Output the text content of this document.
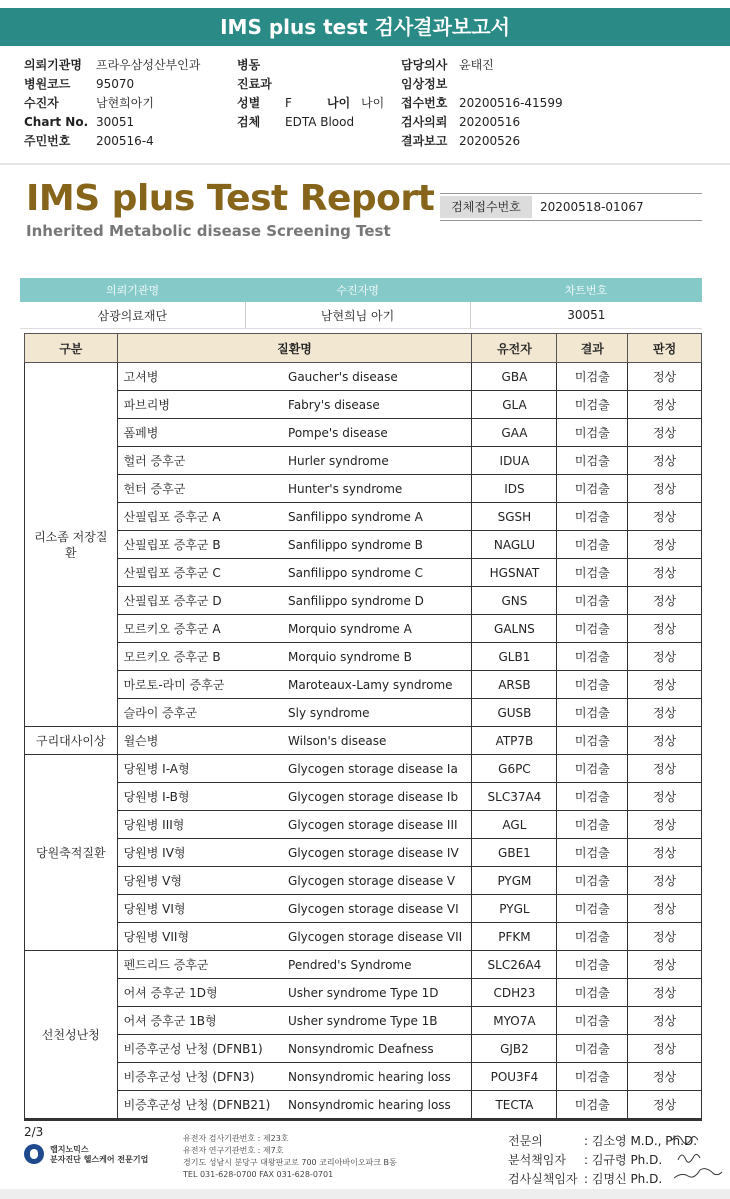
IMS plus test 검사결과보고서
의뢰기관명 프라우삼성산부인과
병원코드 95070
수진자	남현희아기
Chart No. 30051
주민번호 200516-4
병동
진료과
성별 F	나이 나이
검체 EDTA Blood
담당의사 윤태진
임상정보
접수번호 20200516-41599
검사의뢰 20200516
결과보고 20200526
IMS plus Test Report
Inherited Metabolic disease Screening Test
검체접수번호	20200518-01067
의뢰기관명	수진자명	차트번호
삼광의료재단	남현희님 아기	30051
구분	질환명		유전자	결과	판정
리소좀 저장질환	고셔병	Gaucher's disease	GBA	미검출	정상
	파브리병	Fabry's disease	GLA	미검출	정상
	폼페병	Pompe's disease	GAA	미검출	정상
	헐러 증후군	Hurler syndrome	IDUA	미검출	정상
	헌터 증후군	Hunter's syndrome	IDS	미검출	정상
	산필립포 증후군 A	Sanfilippo syndrome A	SGSH	미검출	정상
	산필립포 증후군 B	Sanfilippo syndrome B	NAGLU	미검출	정상
	산필립포 증후군 C	Sanfilippo syndrome C	HGSNAT	미검출	정상
	산필립포 증후군 D	Sanfilippo syndrome D	GNS	미검출	정상
	모르키오 증후군 A	Morquio syndrome A	GALNS	미검출	정상
	모르키오 증후군 B	Morquio syndrome B	GLB1	미검출	정상
	마로토-라미 증후군	Maroteaux-Lamy syndrome	ARSB	미검출	정상
	슬라이 증후군	Sly syndrome	GUSB	미검출	정상
구리대사이상	윌슨병	Wilson's disease	ATP7B	미검출	정상
당원축적질환	당원병 I-A형	Glycogen storage disease Ia	G6PC	미검출	정상
	당원병 I-B형	Glycogen storage disease Ib	SLC37A4	미검출	정상
	당원병 III형	Glycogen storage disease III	AGL	미검출	정상
	당원병 IV형	Glycogen storage disease IV	GBE1	미검출	정상
	당원병 V형	Glycogen storage disease V	PYGM	미검출	정상
	당원병 VI형	Glycogen storage disease VI	PYGL	미검출	정상
	당원병 VII형	Glycogen storage disease VII	PFKM	미검출	정상
선천성난청	펜드리드 증후군	Pendred's Syndrome	SLC26A4	미검출	정상
	어셔 증후군 1D형	Usher syndrome Type 1D	CDH23	미검출	정상
	어셔 증후군 1B형	Usher syndrome Type 1B	MYO7A	미검출	정상
	비증후군성 난청 (DFNB1)	Nonsyndromic Deafness	GJB2	미검출	정상
	비증후군성 난청 (DFN3)	Nonsyndromic hearing loss	POU3F4	미검출	정상
	비증후군성 난청 (DFNB21)	Nonsyndromic hearing loss	TECTA	미검출	정상
2/3
랩지노믹스
분자진단 헬스케어 전문기업
유전자 검사기관번호 : 제23호
유전자 연구기관번호 : 제7호
경기도 성남시 분당구 대왕판교로 700 코리아바이오파크 B동
TEL 031-628-0700 FAX 031-628-0701
전문의	: 김소영 M.D., Ph.D.
분석책임자 : 김규령 Ph.D.
검사실책임자 : 김명신 Ph.D.
